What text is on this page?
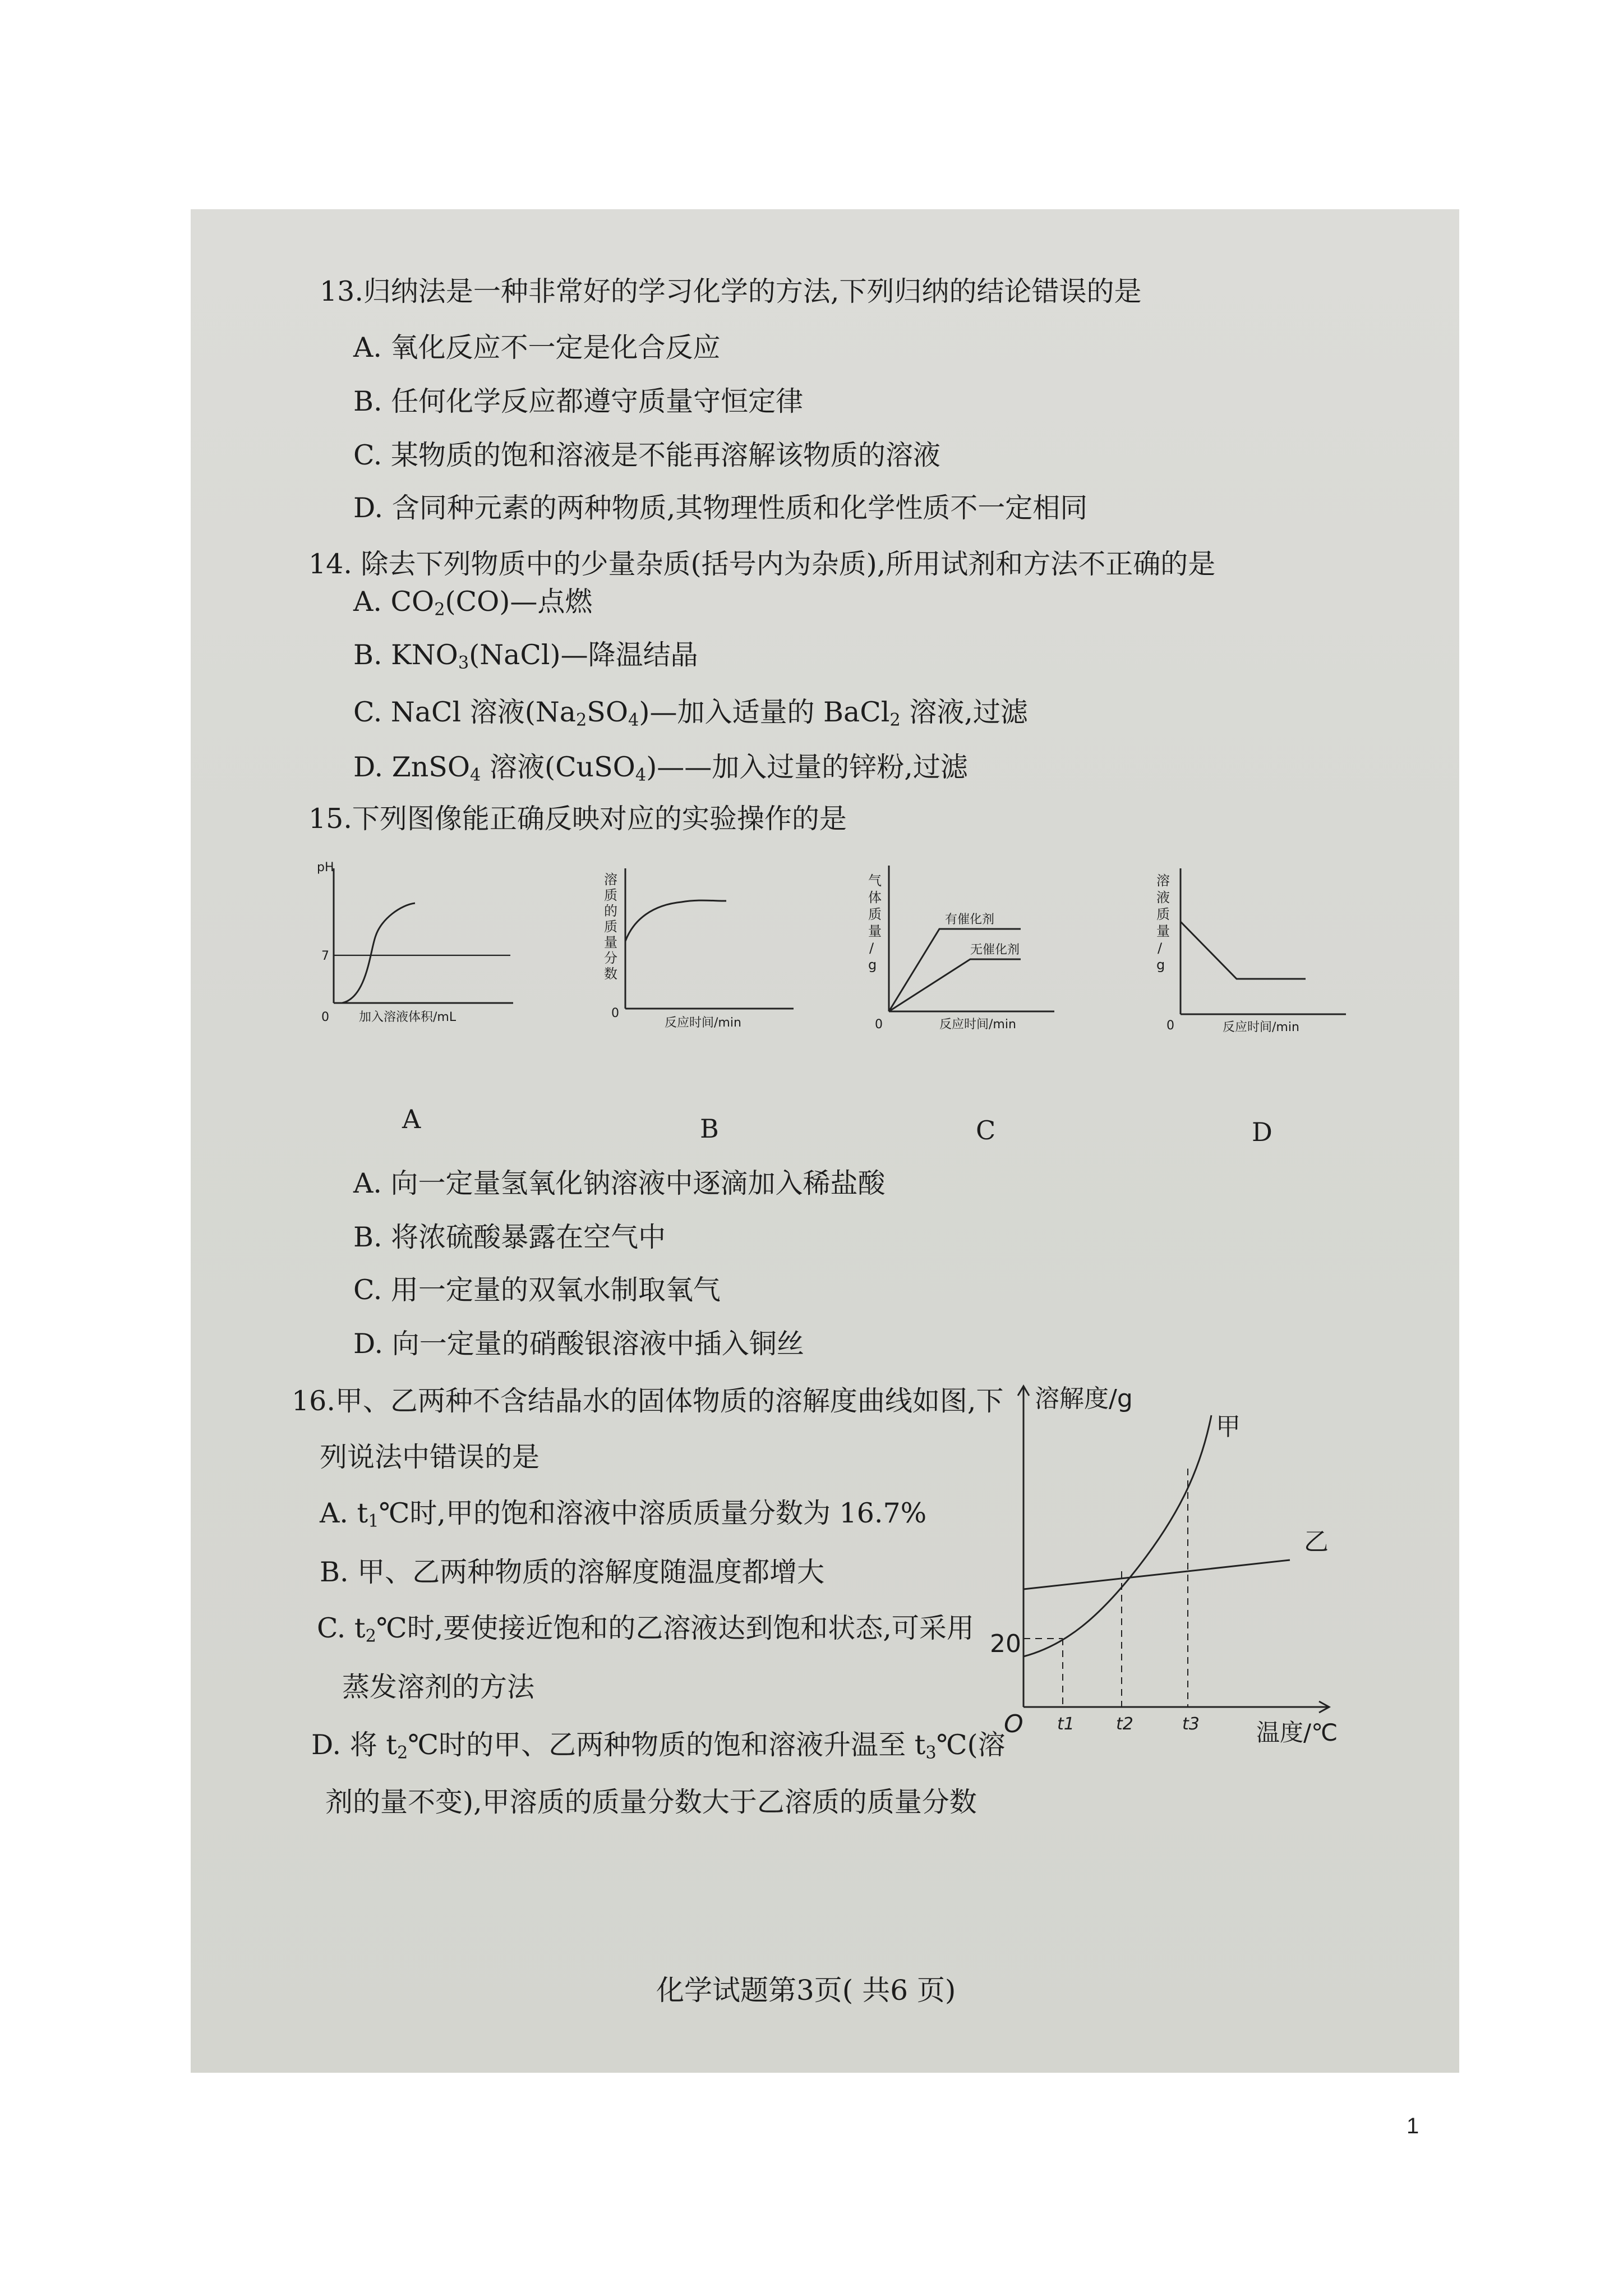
13.归纳法是一种非常好的学习化学的方法,下列归纳的结论错误的是
A. 氧化反应不一定是化合反应
B. 任何化学反应都遵守质量守恒定律
C. 某物质的饱和溶液是不能再溶解该物质的溶液
D. 含同种元素的两种物质,其物理性质和化学性质不一定相同
14. 除去下列物质中的少量杂质(括号内为杂质),所用试剂和方法不正确的是
A. $CO_2(CO)—$点燃
B. $KNO_3(NaCl)—$降温结晶
C. NaCl 溶液$(Na_2SO_4)—$加入适量的 BaCl$_2$ 溶液,过滤
D. ZnSO$_4$ 溶液(CuSO$_4$)——加入过量的锌粉,过滤
15.下列图像能正确反映对应的实验操作的是
pH
7
0 加入溶液体积/mL
A
溶
质
的
质
量
分
数
0
反应时间/min
B
气
体
质
量
/
g
有催化剂
无催化剂
0	反应时间/min
C
溶
液
质
量
/
g
0	反应时间/min
D
A. 向一定量氢氧化钠溶液中逐滴加入稀盐酸
B. 将浓硫酸暴露在空气中
C. 用一定量的双氧水制取氧气
D. 向一定量的硝酸银溶液中插入铜丝
16.甲、乙两种不含结晶水的固体物质的溶解度曲线如图,下
列说法中错误的是
A. $t_1℃$时,甲的饱和溶液中溶质质量分数为 16.7%
B. 甲、乙两种物质的溶解度随温度都增大
C. $t_2℃$时,要使接近饱和的乙溶液达到饱和状态,可采用
蒸发溶剂的方法
D. 将 $t_2℃$时的甲、乙两种物质的饱和溶液升温至 $t_3℃$(溶
剂的量不变),甲溶质的质量分数大于乙溶质的质量分数
溶解度/g
甲
乙
20
O t1 t2	t3 温度/℃
化学试题第3页( 共6 页)
1
